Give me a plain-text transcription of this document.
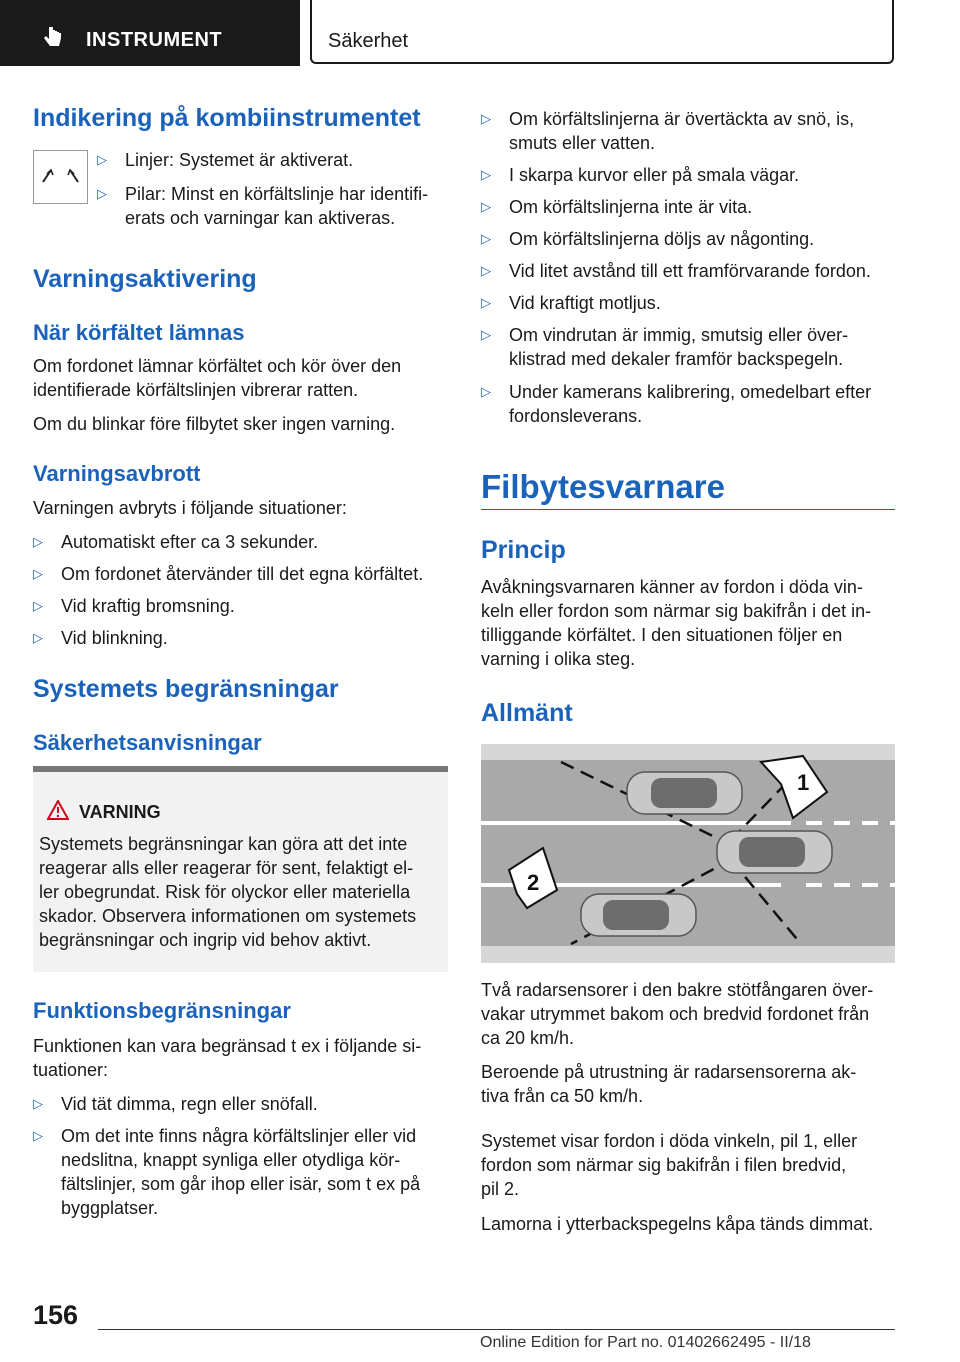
INSTRUMENT	Säkerhet
Indikering på kombiinstrumentet
▷ Linjer: Systemet är aktiverat.
▷ Pilar: Minst en körfältslinje har identifi-
erats och varningar kan aktiveras.
Varningsaktivering
När körfältet lämnas
Om fordonet lämnar körfältet och kör över den
identifierade körfältslinjen vibrerar ratten.
Om du blinkar före filbytet sker ingen varning.
Varningsavbrott
Varningen avbryts i följande situationer:
▷ Automatiskt efter ca 3 sekunder.
▷ Om fordonet återvänder till det egna körfältet.
▷ Vid kraftig bromsning.
▷ Vid blinkning.
Systemets begränsningar
Säkerhetsanvisningar
VARNING
Systemets begränsningar kan göra att det inte
reagerar alls eller reagerar för sent, felaktigt el-
ler obegrundat. Risk för olyckor eller materiella
skador. Observera informationen om systemets
begränsningar och ingrip vid behov aktivt.
Funktionsbegränsningar
Funktionen kan vara begränsad t ex i följande si-
tuationer:
▷ Vid tät dimma, regn eller snöfall.
▷ Om det inte finns några körfältslinjer eller vid
nedslitna, knappt synliga eller otydliga kör-
fältslinjer, som går ihop eller isär, som t ex på
byggplatser.
▷ Om körfältslinjerna är övertäckta av snö, is,
smuts eller vatten.
▷ I skarpa kurvor eller på smala vägar.
▷ Om körfältslinjerna inte är vita.
▷ Om körfältslinjerna döljs av någonting.
▷ Vid litet avstånd till ett framförvarande fordon.
▷ Vid kraftigt motljus.
▷ Om vindrutan är immig, smutsig eller över-
klistrad med dekaler framför backspegeln.
▷ Under kamerans kalibrering, omedelbart efter
fordonsleverans.
Filbytesvarnare
Princip
Avåkningsvarnaren känner av fordon i döda vin-
keln eller fordon som närmar sig bakifrån i det in-
tilliggande körfältet. I den situationen följer en
varning i olika steg.
Allmänt
1
2
Två radarsensorer i den bakre stötfångaren över-
vakar utrymmet bakom och bredvid fordonet från
ca 20 km/h.
Beroende på utrustning är radarsensorerna ak-
tiva från ca 50 km/h.
Systemet visar fordon i döda vinkeln, pil 1, eller
fordon som närmar sig bakifrån i filen bredvid,
pil 2.
Lamorna i ytterbackspegelns kåpa tänds dimmat.
156
Online Edition for Part no. 01402662495 - II/18
